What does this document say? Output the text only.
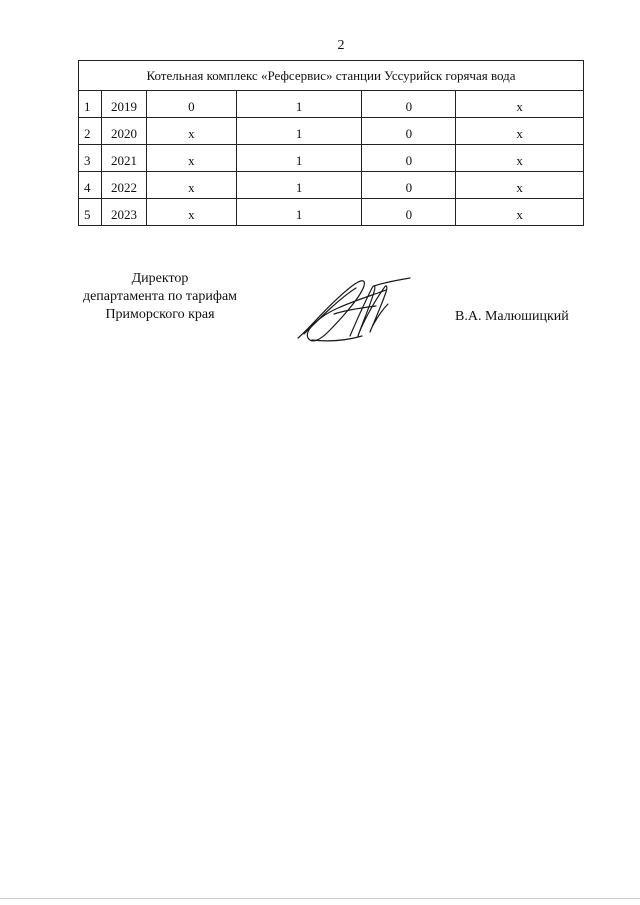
2
Котельная комплекс «Рефсервис» станции Уссурийск горячая вода					
1	2019	0	1	0	x
2	2020	x	1	0	x
3	2021	x	1	0	x
4	2022	x	1	0	x
5	2023	x	1	0	x
Директор
департамента по тарифам
Приморского края	В.А. Малюшицкий
